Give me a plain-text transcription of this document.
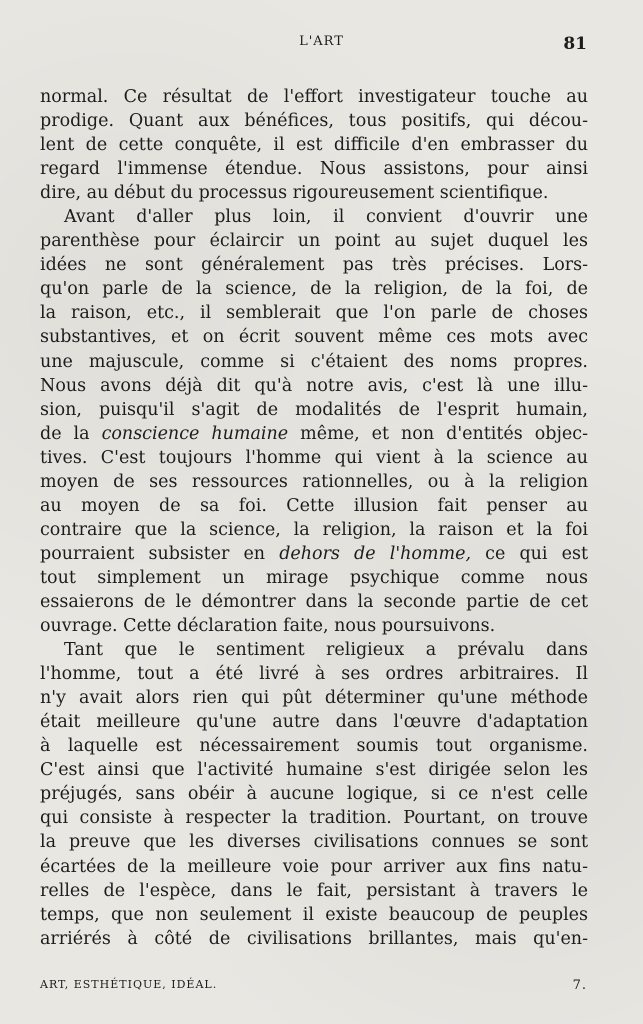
L'ART	81
normal. Ce résultat de l'effort investigateur touche au
prodige. Quant aux bénéfices, tous positifs, qui décou-
lent de cette conquête, il est difficile d'en embrasser du
regard l'immense étendue. Nous assistons, pour ainsi
dire, au début du processus rigoureusement scientifique.
Avant d'aller plus loin, il convient d'ouvrir une
parenthèse pour éclaircir un point au sujet duquel les
idées ne sont généralement pas très précises. Lors-
qu'on parle de la science, de la religion, de la foi, de
la raison, etc., il semblerait que l'on parle de choses
substantives, et on écrit souvent même ces mots avec
une majuscule, comme si c'étaient des noms propres.
Nous avons déjà dit qu'à notre avis, c'est là une illu-
sion, puisqu'il s'agit de modalités de l'esprit humain,
de la conscience humaine même, et non d'entités objec-
tives. C'est toujours l'homme qui vient à la science au
moyen de ses ressources rationnelles, ou à la religion
au moyen de sa foi. Cette illusion fait penser au
contraire que la science, la religion, la raison et la foi
pourraient subsister en dehors de l'homme, ce qui est
tout simplement un mirage psychique comme nous
essaierons de le démontrer dans la seconde partie de cet
ouvrage. Cette déclaration faite, nous poursuivons.
Tant que le sentiment religieux a prévalu dans
l'homme, tout a été livré à ses ordres arbitraires. Il
n'y avait alors rien qui pût déterminer qu'une méthode
était meilleure qu'une autre dans l'œuvre d'adaptation
à laquelle est nécessairement soumis tout organisme.
C'est ainsi que l'activité humaine s'est dirigée selon les
préjugés, sans obéir à aucune logique, si ce n'est celle
qui consiste à respecter la tradition. Pourtant, on trouve
la preuve que les diverses civilisations connues se sont
écartées de la meilleure voie pour arriver aux fins natu-
relles de l'espèce, dans le fait, persistant à travers le
temps, que non seulement il existe beaucoup de peuples
arriérés à côté de civilisations brillantes, mais qu'en-
ART, ESTHÉTIQUE, IDÉAL.	7.
